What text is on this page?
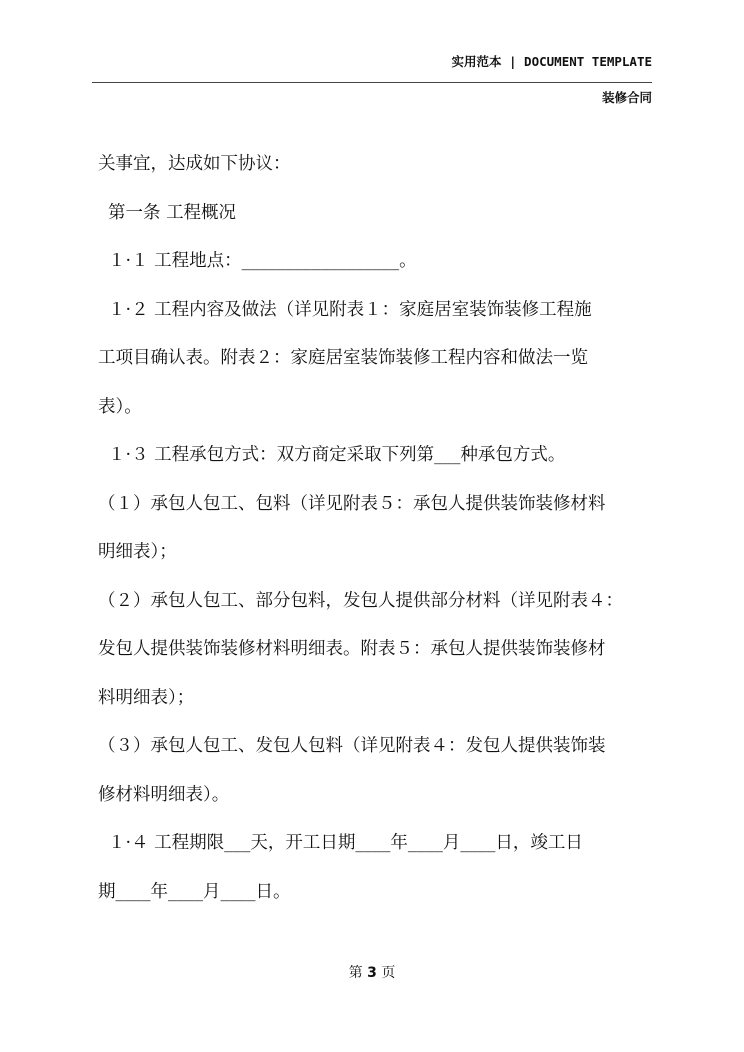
实用范本 | DOCUMENT TEMPLATE
装修合同

关事宜，达成如下协议：

第一条 工程概况

１·１ 工程地点：__________________。

１·２ 工程内容及做法（详见附表１：家庭居室装饰装修工程施

工项目确认表。附表２：家庭居室装饰装修工程内容和做法一览

表）。

１·３ 工程承包方式：双方商定采取下列第___种承包方式。

（１）承包人包工、包料（详见附表５：承包人提供装饰装修材料

明细表）；

（２）承包人包工、部分包料，发包人提供部分材料（详见附表４：

发包人提供装饰装修材料明细表。附表５：承包人提供装饰装修材

料明细表）；

（３）承包人包工、发包人包料（详见附表４：发包人提供装饰装

修材料明细表）。

１·４ 工程期限___天，开工日期____年____月____日，竣工日

期____年____月____日。

第 3 页
